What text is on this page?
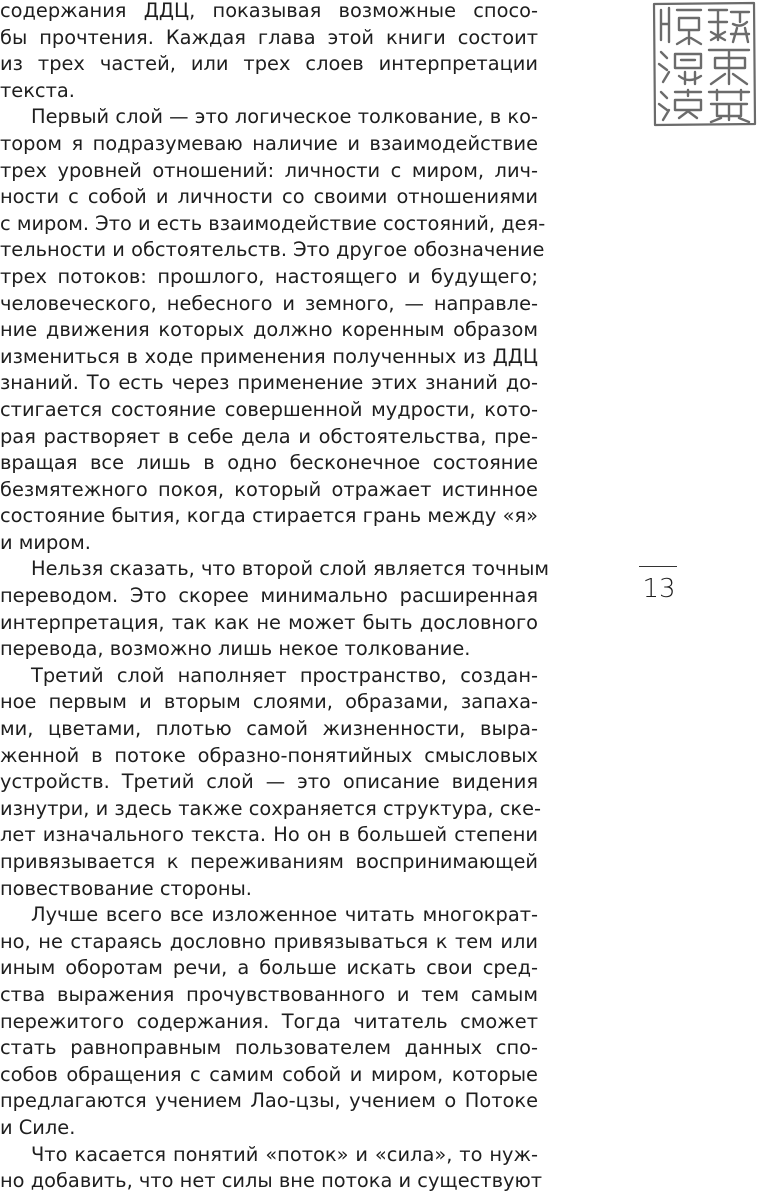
содержания ДДЦ, показывая возможные спосо-
бы прочтения. Каждая глава этой книги состоит
из трех частей, или трех слоев интерпретации
текста.
Первый слой — это логическое толкование, в ко-
тором я подразумеваю наличие и взаимодействие
трех уровней отношений: личности с миром, лич-
ности с собой и личности со своими отношениями
с миром. Это и есть взаимодействие состояний, дея-
тельности и обстоятельств. Это другое обозначение
трех потоков: прошлого, настоящего и будущего;
человеческого, небесного и земного, — направле-
ние движения которых должно коренным образом
измениться в ходе применения полученных из ДДЦ
знаний. То есть через применение этих знаний до-
стигается состояние совершенной мудрости, кото-
рая растворяет в себе дела и обстоятельства, пре-
вращая все лишь в одно бесконечное состояние
безмятежного покоя, который отражает истинное
состояние бытия, когда стирается грань между «я»
и миром.
Нельзя сказать, что второй слой является точным
переводом. Это скорее минимально расширенная
интерпретация, так как не может быть дословного
перевода, возможно лишь некое толкование.
Третий слой наполняет пространство, создан-
ное первым и вторым слоями, образами, запаха-
ми, цветами, плотью самой жизненности, выра-
женной в потоке образно-понятийных смысловых
устройств. Третий слой — это описание видения
изнутри, и здесь также сохраняется структура, ске-
лет изначального текста. Но он в большей степени
привязывается к переживаниям воспринимающей
повествование стороны.
Лучше всего все изложенное читать многократ-
но, не стараясь дословно привязываться к тем или
иным оборотам речи, а больше искать свои сред-
ства выражения прочувствованного и тем самым
пережитого содержания. Тогда читатель сможет
стать равноправным пользователем данных спо-
собов обращения с самим собой и миром, которые
предлагаются учением Лао-цзы, учением о Потоке
и Силе.
Что касается понятий «поток» и «сила», то нуж-
но добавить, что нет силы вне потока и существуют
13
